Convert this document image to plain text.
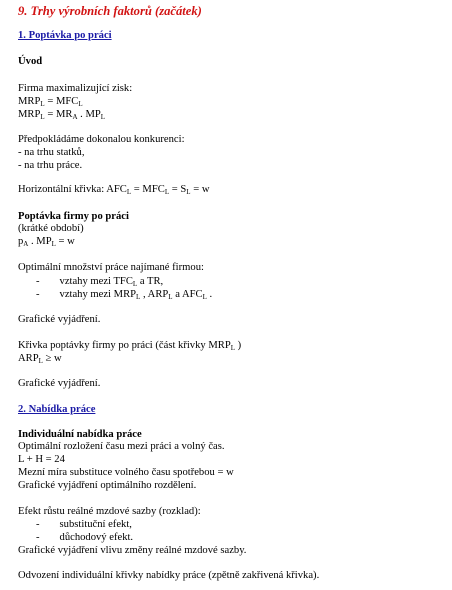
9. Trhy výrobních faktorů (začátek)
1. Poptávka po práci
Úvod
Firma maximalizující zisk:
$MRP_L = MFC_L$
$MRP_L = MR_A$ . $MP_L$
Předpokládáme dokonalou konkurenci:
- na trhu statků,
- na trhu práce.
Horizontální křivka: $AFC_L = MFC_L = S_L = w$
Poptávka firmy po práci
(krátké období)
$p_A$ . $MP_L = w$
Optimální množství práce najímané firmou:
- vztahy mezi $TFC_L$ a TR,
- vztahy mezi $MRP_L$ , $ARP_L$ a $AFC_L$ .
Grafické vyjádření.
Křivka poptávky firmy po práci (část křivky $MRP_L$ )
$ARP_L \ge w$
Grafické vyjádření.
2. Nabídka práce
Individuální nabídka práce
Optimální rozložení času mezi práci a volný čas.
L + H = 24
Mezní míra substituce volného času spotřebou = w
Grafické vyjádření optimálního rozdělení.
Efekt růstu reálné mzdové sazby (rozklad):
- substituční efekt,
- důchodový efekt.
Grafické vyjádření vlivu změny reálné mzdové sazby.
Odvození individuální křivky nabídky práce (zpětně zakřivená křivka).
